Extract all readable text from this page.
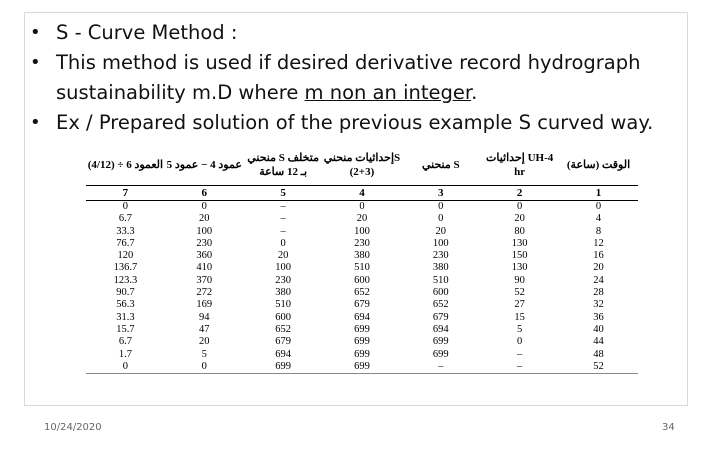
• S - Curve Method :
• This method is used if desired derivative record hydrograph sustainability m.D where m non an integer.
• Ex / Prepared solution of the previous example S curved way.
العمود 6 ÷ (4/12)	عمود 4 − عمود 5	منحني S متخلف بـ 12 ساعة	إحداثيات منحنيS (2+3)	منحني S	إحداثيات UH-4 hr	الوقت (ساعة)
7	6	5	4	3	2	1
0	0	–	0	0	0	0
6.7	20	–	20	0	20	4
33.3	100	–	100	20	80	8
76.7	230	0	230	100	130	12
120	360	20	380	230	150	16
136.7	410	100	510	380	130	20
123.3	370	230	600	510	90	24
90.7	272	380	652	600	52	28
56.3	169	510	679	652	27	32
31.3	94	600	694	679	15	36
15.7	47	652	699	694	5	40
6.7	20	679	699	699	0	44
1.7	5	694	699	699	–	48
0	0	699	699	–	–	52
10/24/2020	34
